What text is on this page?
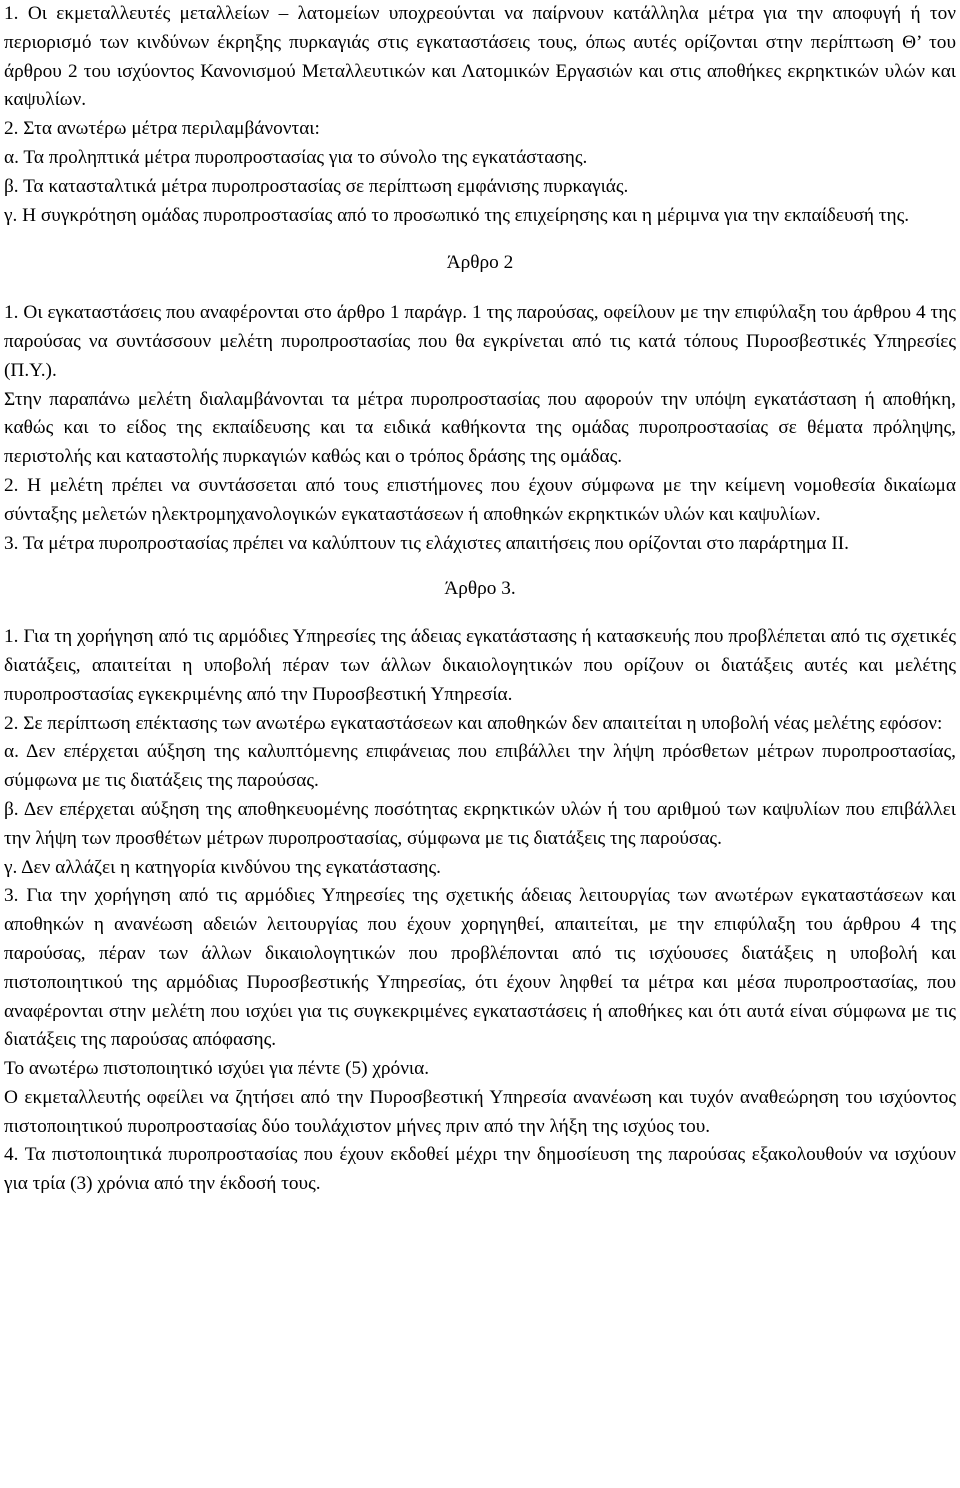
1. Οι εκμεταλλευτές μεταλλείων – λατομείων υποχρεούνται να παίρνουν κατάλληλα μέτρα για την αποφυγή ή τον περιορισμό των κινδύνων έκρηξης πυρκαγιάς στις εγκαταστάσεις τους, όπως αυτές ορίζονται στην περίπτωση Θ’ του άρθρου 2 του ισχύοντος Κανονισμού Μεταλλευτικών και Λατομικών Εργασιών και στις αποθήκες εκρηκτικών υλών και καψυλίων.

2. Στα ανωτέρω μέτρα περιλαμβάνονται:

α. Τα προληπτικά μέτρα πυροπροστασίας για το σύνολο της εγκατάστασης.

β. Τα κατασταλτικά μέτρα πυροπροστασίας σε περίπτωση εμφάνισης πυρκαγιάς.

γ. Η συγκρότηση ομάδας πυροπροστασίας από το προσωπικό της επιχείρησης και η μέριμνα για την εκπαίδευσή της.

Άρθρο 2

1. Οι εγκαταστάσεις που αναφέρονται στο άρθρο 1 παράγρ. 1 της παρούσας, οφείλουν με την επιφύλαξη του άρθρου 4 της παρούσας να συντάσσουν μελέτη πυροπροστασίας που θα εγκρίνεται από τις κατά τόπους Πυροσβεστικές Υπηρεσίες (Π.Υ.).

Στην παραπάνω μελέτη διαλαμβάνονται τα μέτρα πυροπροστασίας που αφορούν την υπόψη εγκατάσταση ή αποθήκη, καθώς και το είδος της εκπαίδευσης και τα ειδικά καθήκοντα της ομάδας πυροπροστασίας σε θέματα πρόληψης, περιστολής και καταστολής πυρκαγιών καθώς και ο τρόπος δράσης της ομάδας.

2. Η μελέτη πρέπει να συντάσσεται από τους επιστήμονες που έχουν σύμφωνα με την κείμενη νομοθεσία δικαίωμα σύνταξης μελετών ηλεκτρομηχανολογικών εγκαταστάσεων ή αποθηκών εκρηκτικών υλών και καψυλίων.

3. Τα μέτρα πυροπροστασίας πρέπει να καλύπτουν τις ελάχιστες απαιτήσεις που ορίζονται στο παράρτημα ΙΙ.

Άρθρο 3.

1. Για τη χορήγηση από τις αρμόδιες Υπηρεσίες της άδειας εγκατάστασης ή κατασκευής που προβλέπεται από τις σχετικές διατάξεις, απαιτείται η υποβολή πέραν των άλλων δικαιολογητικών που ορίζουν οι διατάξεις αυτές και μελέτης πυροπροστασίας εγκεκριμένης από την Πυροσβεστική Υπηρεσία.

2. Σε περίπτωση επέκτασης των ανωτέρω εγκαταστάσεων και αποθηκών δεν απαιτείται η υποβολή νέας μελέτης εφόσον:

α. Δεν επέρχεται αύξηση της καλυπτόμενης επιφάνειας που επιβάλλει την λήψη πρόσθετων μέτρων πυροπροστασίας, σύμφωνα με τις διατάξεις της παρούσας.

β. Δεν επέρχεται αύξηση της αποθηκευομένης ποσότητας εκρηκτικών υλών ή του αριθμού των καψυλίων που επιβάλλει την λήψη των προσθέτων μέτρων πυροπροστασίας, σύμφωνα με τις διατάξεις της παρούσας.

γ. Δεν αλλάζει η κατηγορία κινδύνου της εγκατάστασης.

3. Για την χορήγηση από τις αρμόδιες Υπηρεσίες της σχετικής άδειας λειτουργίας των ανωτέρων εγκαταστάσεων και αποθηκών η ανανέωση αδειών λειτουργίας που έχουν χορηγηθεί, απαιτείται, με την επιφύλαξη του άρθρου 4 της παρούσας, πέραν των άλλων δικαιολογητικών που προβλέπονται από τις ισχύουσες διατάξεις η υποβολή και πιστοποιητικού της αρμόδιας Πυροσβεστικής Υπηρεσίας, ότι έχουν ληφθεί τα μέτρα και μέσα πυροπροστασίας, που αναφέρονται στην μελέτη που ισχύει για τις συγκεκριμένες εγκαταστάσεις ή αποθήκες και ότι αυτά είναι σύμφωνα με τις διατάξεις της παρούσας απόφασης.

Το ανωτέρω πιστοποιητικό ισχύει για πέντε (5) χρόνια.

Ο εκμεταλλευτής οφείλει να ζητήσει από την Πυροσβεστική Υπηρεσία ανανέωση και τυχόν αναθεώρηση του ισχύοντος πιστοποιητικού πυροπροστασίας δύο τουλάχιστον μήνες πριν από την λήξη της ισχύος του.

4. Τα πιστοποιητικά πυροπροστασίας που έχουν εκδοθεί μέχρι την δημοσίευση της παρούσας εξακολουθούν να ισχύουν για τρία (3) χρόνια από την έκδοσή τους.
